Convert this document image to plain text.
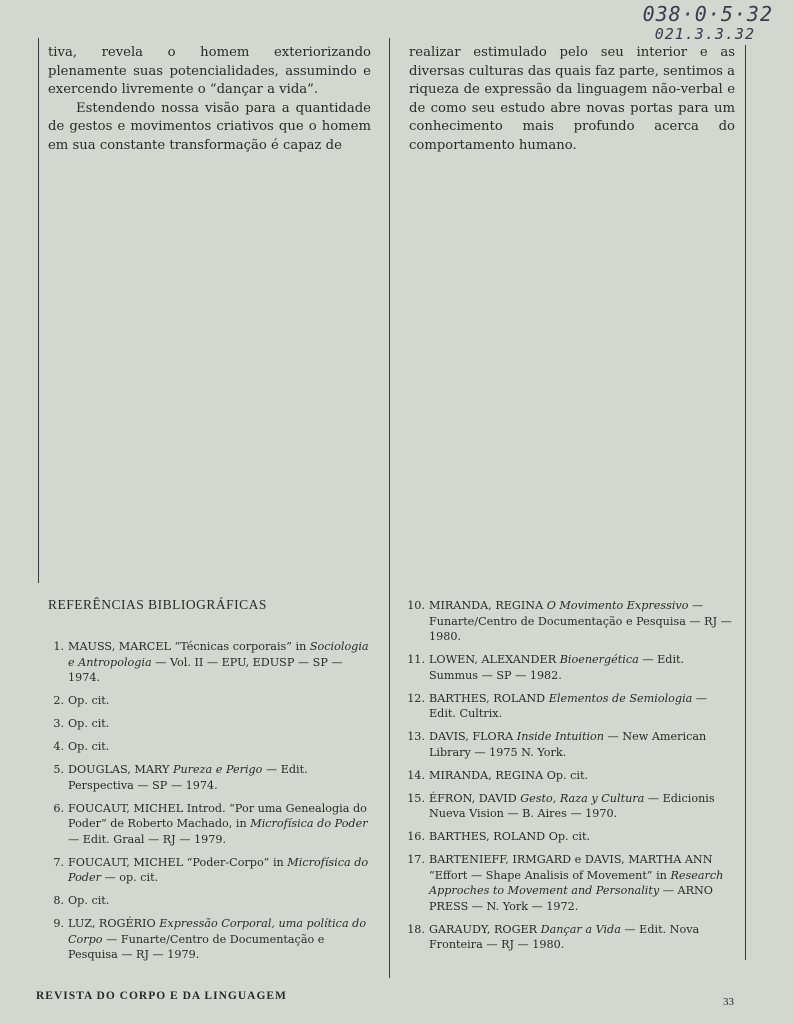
038·0·5·32
021.3.3.32

tiva, revela o homem exteriorizando plenamente suas potencialidades, assumindo e exercendo livremente o “dançar a vida”.

Estendendo nossa visão para a quantidade de gestos e movimentos criativos que o homem em sua constante transformação é capaz de

realizar estimulado pelo seu interior e as diversas culturas das quais faz parte, sentimos a riqueza de expressão da linguagem não-verbal e de como seu estudo abre novas portas para um conhecimento mais profundo acerca do comportamento humano.

REFERÊNCIAS BIBLIOGRÁFICAS
1 . MAUSS, MARCEL “Técnicas corporais” in Sociologia e Antropologia — Vol. II — EPU, EDUSP — SP — 1974.
2 . Op. cit.
3 . Op. cit.
4 . Op. cit.
5 . DOUGLAS, MARY Pureza e Perigo — Edit. Perspectiva — SP — 1974.
6 . FOUCAUT, MICHEL Introd. “Por uma Genealogia do Poder” de Roberto Machado, in Microfísica do Poder — Edit. Graal — RJ — 1979.
7 . FOUCAUT, MICHEL “Poder-Corpo” in Microfísica do Poder — op. cit.
8 . Op. cit.
9 . LUZ, ROGÉRIO Expressão Corporal, uma política do Corpo — Funarte/Centro de Documentação e Pesquisa — RJ — 1979.
10 . MIRANDA, REGINA O Movimento Expressivo — Funarte/Centro de Documentação e Pesquisa — RJ — 1980.
11 . LOWEN, ALEXANDER Bioenergética — Edit. Summus — SP — 1982.
12 . BARTHES, ROLAND Elementos de Semiologia — Edit. Cultrix.
13 . DAVIS, FLORA Inside Intuition — New American Library — 1975 N. York.
14 . MIRANDA, REGINA Op. cit.
15 . ÉFRON, DAVID Gesto, Raza y Cultura — Edicionis Nueva Vision — B. Aires — 1970.
16 . BARTHES, ROLAND Op. cit.
17 . BARTENIEFF, IRMGARD e DAVIS, MARTHA ANN “Effort — Shape Analisis of Movement” in Research Approches to Movement and Personality — ARNO PRESS — N. York — 1972.
18 . GARAUDY, ROGER Dançar a Vida — Edit. Nova Fronteira — RJ — 1980.
REVISTA DO CORPO E DA LINGUAGEM	33
